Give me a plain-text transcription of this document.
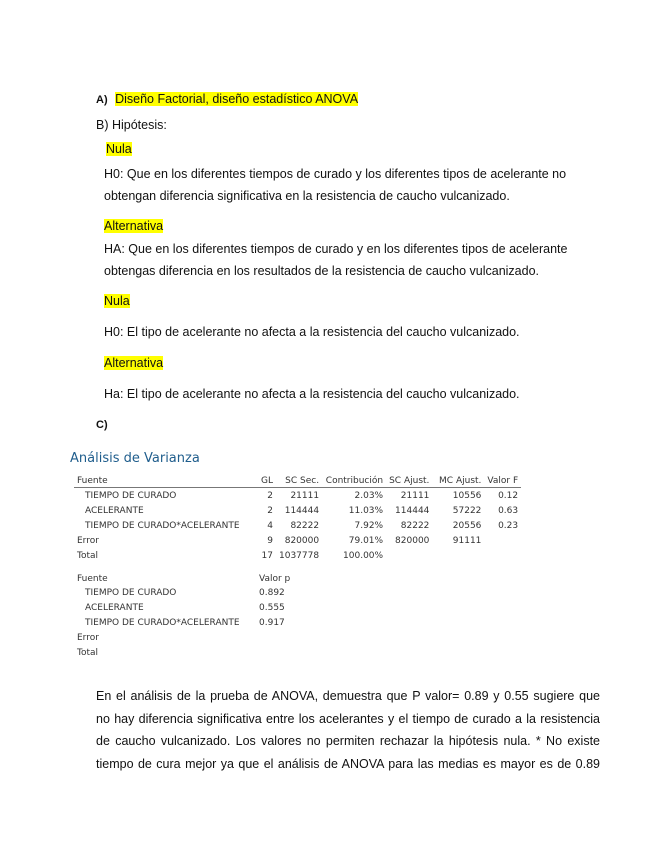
A) Diseño Factorial, diseño estadístico ANOVA
B) Hipótesis:
Nula
H0: Que en los diferentes tiempos de curado y los diferentes tipos de acelerante no
obtengan diferencia significativa en la resistencia de caucho vulcanizado.
Alternativa
HA: Que en los diferentes tiempos de curado y en los diferentes tipos de acelerante
obtengas diferencia en los resultados de la resistencia de caucho vulcanizado.
Nula
H0: El tipo de acelerante no afecta a la resistencia del caucho vulcanizado.
Alternativa
Ha: El tipo de acelerante no afecta a la resistencia del caucho vulcanizado.
C)
Análisis de Varianza
Fuente	GL	SC Sec.	Contribución	SC Ajust.	MC Ajust.	Valor F
TIEMPO DE CURADO	2	21111	2.03%	21111	10556	0.12
ACELERANTE	2	114444	11.03%	114444	57222	0.63
TIEMPO DE CURADO*ACELERANTE	4	82222	7.92%	82222	20556	0.23
Error	9	820000	79.01%	820000	91111	
Total	17	1037778	100.00%			
Fuente	Valor p
TIEMPO DE CURADO	0.892
ACELERANTE	0.555
TIEMPO DE CURADO*ACELERANTE	0.917
Error	
Total	
En el análisis de la prueba de ANOVA, demuestra que P valor= 0.89 y 0.55 sugiere que
no hay diferencia significativa entre los acelerantes y el tiempo de curado a la resistencia
de caucho vulcanizado. Los valores no permiten rechazar la hipótesis nula. * No existe
tiempo de cura mejor ya que el análisis de ANOVA para las medias es mayor es de 0.89
